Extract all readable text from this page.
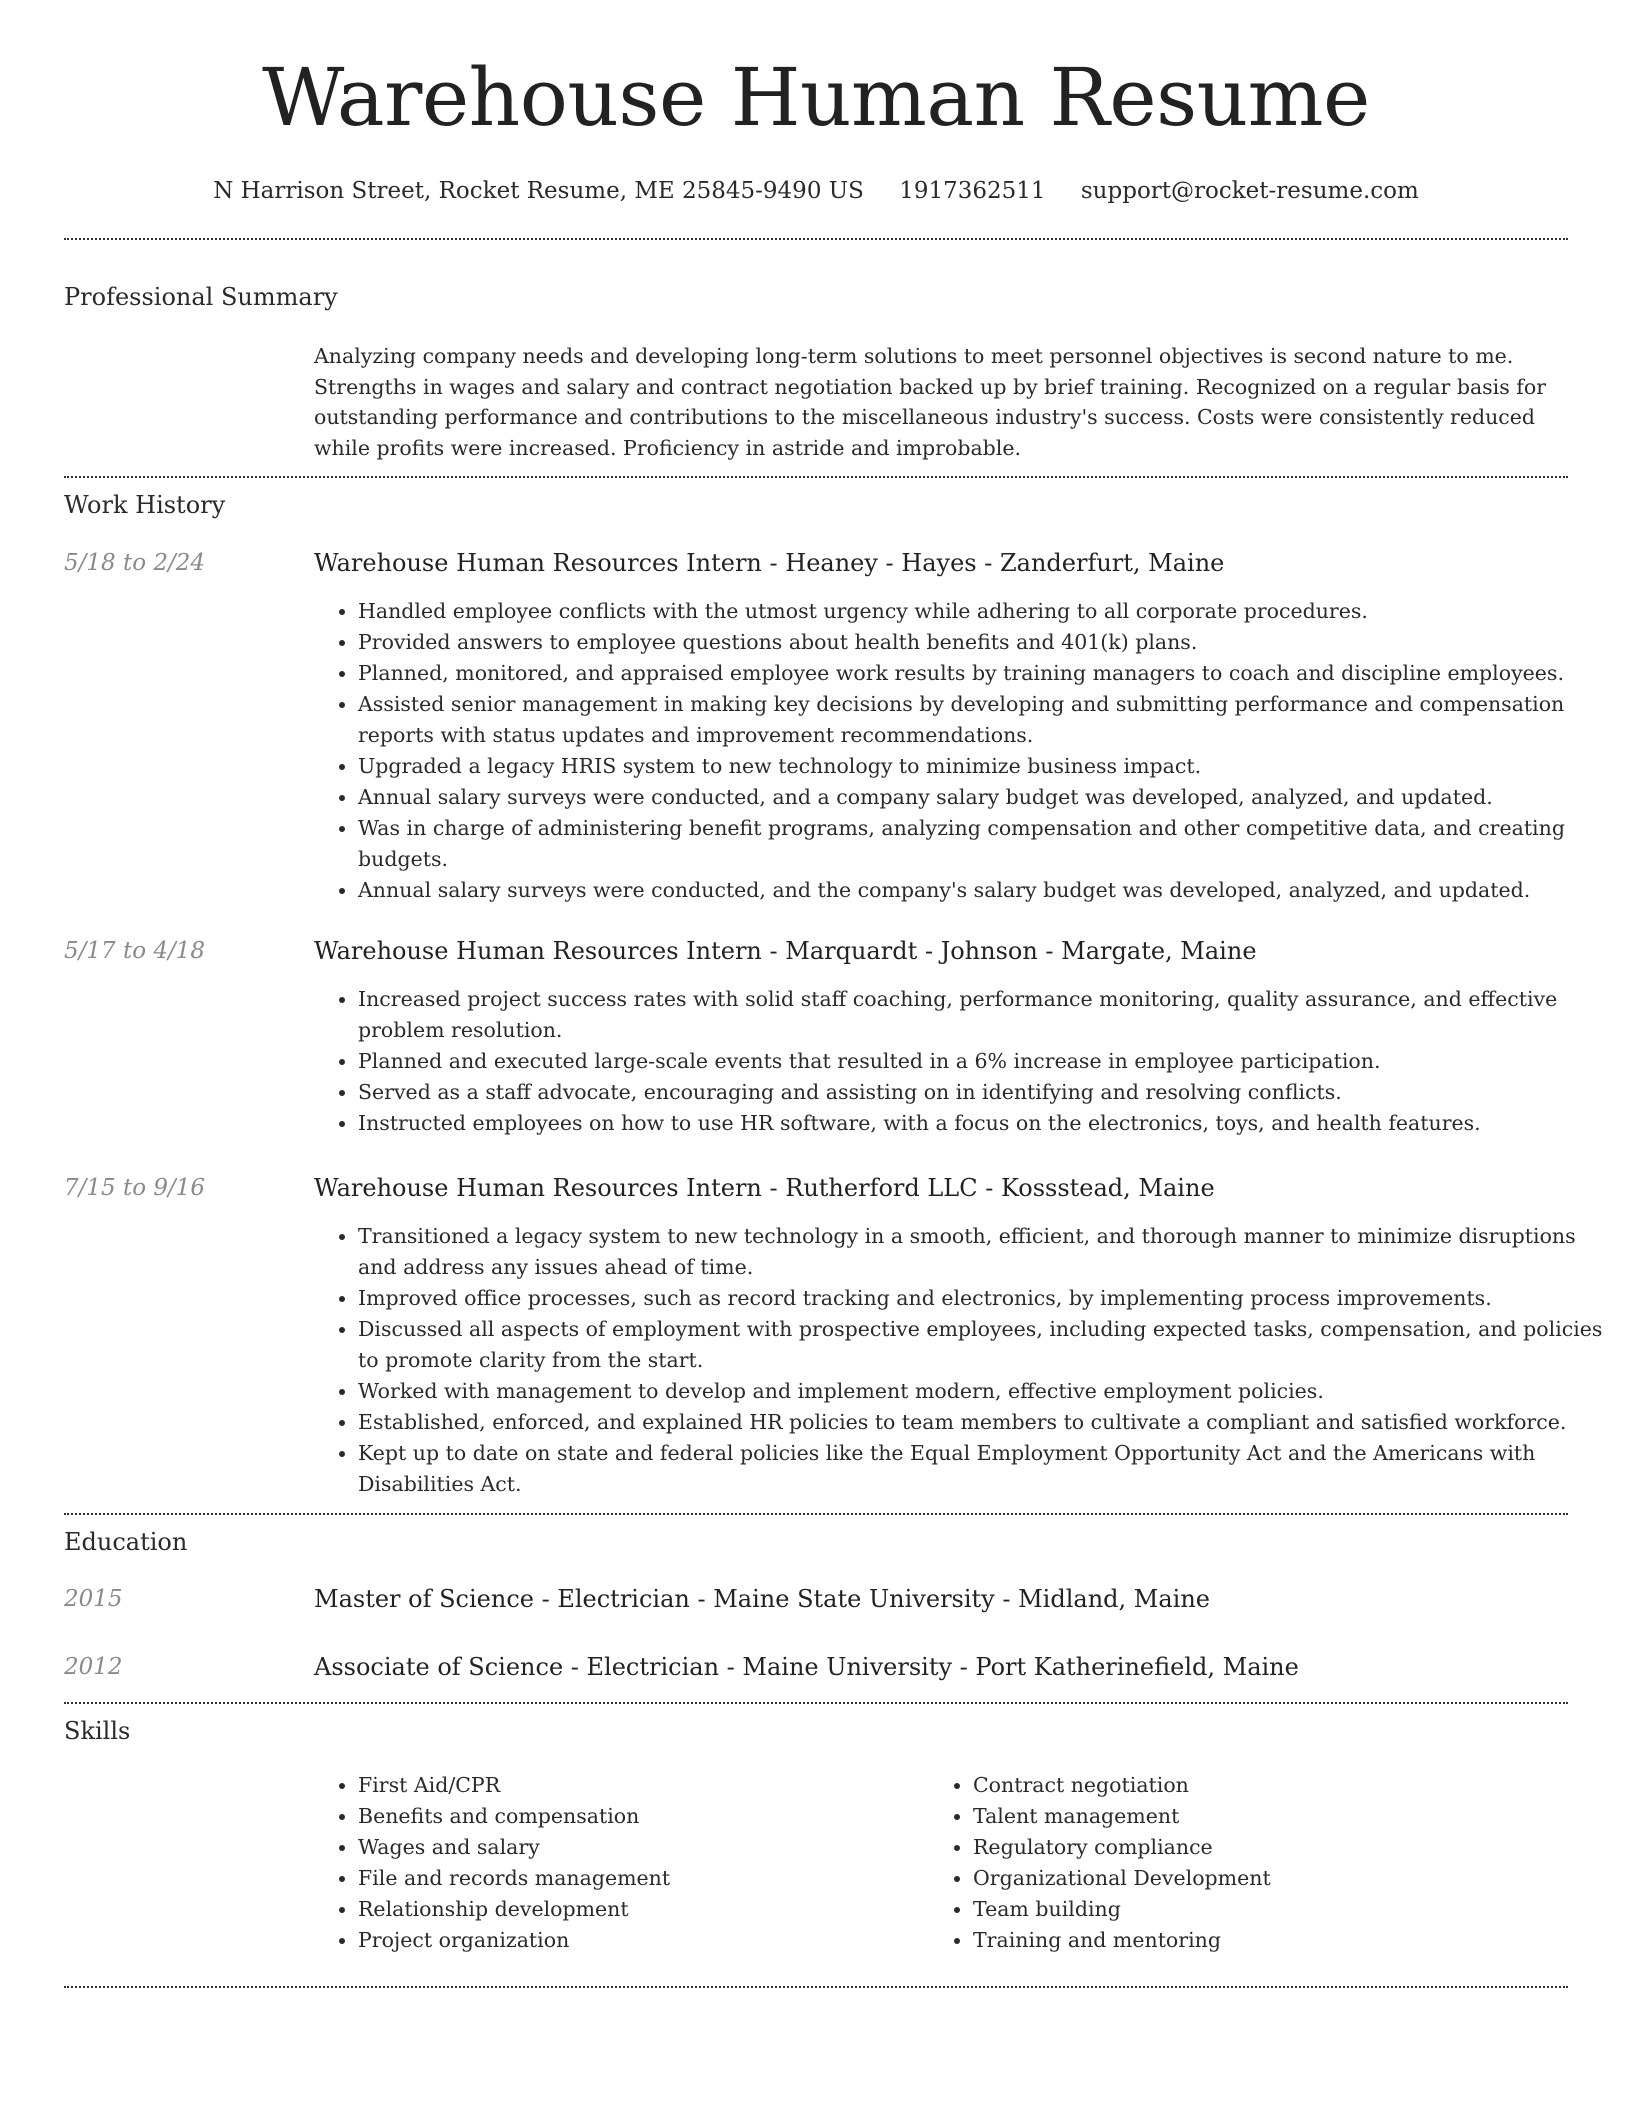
Warehouse Human Resume
N Harrison Street, Rocket Resume, ME 25845-9490 US 1917362511 support@rocket-resume.com
Professional Summary

Analyzing company needs and developing long-term solutions to meet personnel objectives is second nature to me. Strengths in wages and salary and contract negotiation backed up by brief training. Recognized on a regular basis for outstanding performance and contributions to the miscellaneous industry's success. Costs were consistently reduced while profits were increased. Proficiency in astride and improbable.

Work History
5/18 to 2/24	Warehouse Human Resources Intern - Heaney - Hayes - Zanderfurt, Maine
• Handled employee conflicts with the utmost urgency while adhering to all corporate procedures.
• Provided answers to employee questions about health benefits and 401(k) plans.
• Planned, monitored, and appraised employee work results by training managers to coach and discipline employees.
• Assisted senior management in making key decisions by developing and submitting performance and compensation reports with status updates and improvement recommendations.
• Upgraded a legacy HRIS system to new technology to minimize business impact.
• Annual salary surveys were conducted, and a company salary budget was developed, analyzed, and updated.
• Was in charge of administering benefit programs, analyzing compensation and other competitive data, and creating budgets.
• Annual salary surveys were conducted, and the company's salary budget was developed, analyzed, and updated.
5/17 to 4/18	Warehouse Human Resources Intern - Marquardt - Johnson - Margate, Maine
• Increased project success rates with solid staff coaching, performance monitoring, quality assurance, and effective problem resolution.
• Planned and executed large-scale events that resulted in a 6% increase in employee participation.
• Served as a staff advocate, encouraging and assisting on in identifying and resolving conflicts.
• Instructed employees on how to use HR software, with a focus on the electronics, toys, and health features.
7/15 to 9/16	Warehouse Human Resources Intern - Rutherford LLC - Kossstead, Maine
• Transitioned a legacy system to new technology in a smooth, efficient, and thorough manner to minimize disruptions and address any issues ahead of time.
• Improved office processes, such as record tracking and electronics, by implementing process improvements.
• Discussed all aspects of employment with prospective employees, including expected tasks, compensation, and policies to promote clarity from the start.
• Worked with management to develop and implement modern, effective employment policies.
• Established, enforced, and explained HR policies to team members to cultivate a compliant and satisfied workforce.
• Kept up to date on state and federal policies like the Equal Employment Opportunity Act and the Americans with Disabilities Act.
Education
2015	Master of Science - Electrician - Maine State University - Midland, Maine
2012	Associate of Science - Electrician - Maine University - Port Katherinefield, Maine
Skills
• First Aid/CPR
• Benefits and compensation
• Wages and salary
• File and records management
• Relationship development
• Project organization
• Contract negotiation
• Talent management
• Regulatory compliance
• Organizational Development
• Team building
• Training and mentoring
